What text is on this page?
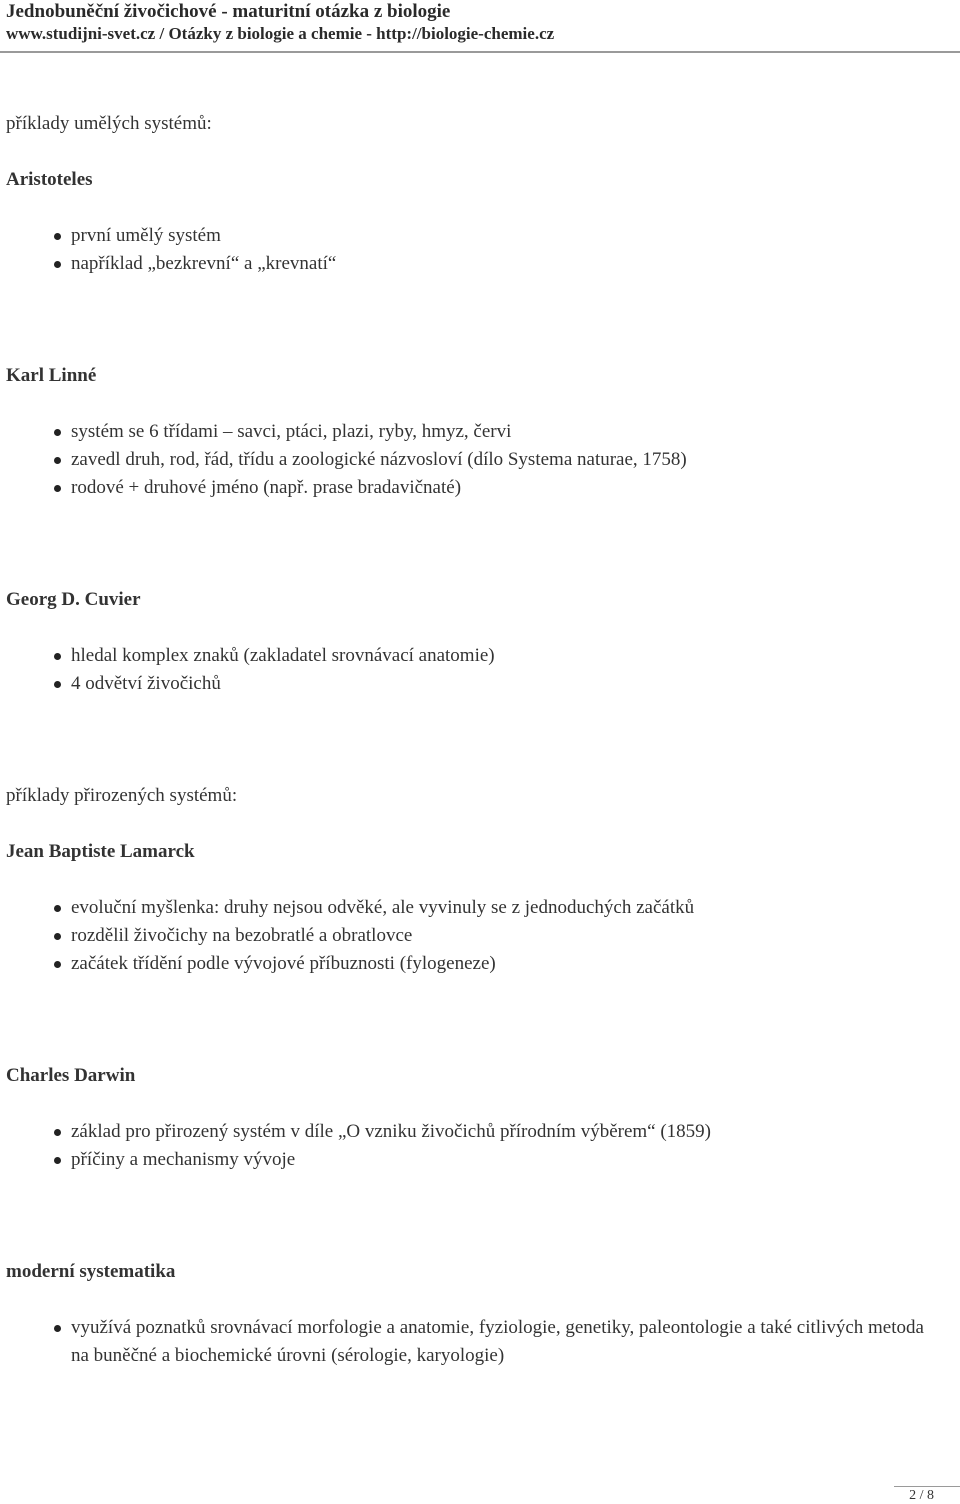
Jednobuněční živočichové - maturitní otázka z biologie
www.studijni-svet.cz / Otázky z biologie a chemie - http://biologie-chemie.cz
příklady umělých systémů:
Aristoteles
první umělý systém
například „bezkrevní“ a „krevnatí“
Karl Linné
systém se 6 třídami – savci, ptáci, plazi, ryby, hmyz, červi
zavedl druh, rod, řád, třídu a zoologické názvosloví (dílo Systema naturae, 1758)
rodové + druhové jméno (např. prase bradavičnaté)
Georg D. Cuvier
hledal komplex znaků (zakladatel srovnávací anatomie)
4 odvětví živočichů
příklady přirozených systémů:
Jean Baptiste Lamarck
evoluční myšlenka: druhy nejsou odvěké, ale vyvinuly se z jednoduchých začátků
rozdělil živočichy na bezobratlé a obratlovce
začátek třídění podle vývojové příbuznosti (fylogeneze)
Charles Darwin
základ pro přirozený systém v díle „O vzniku živočichů přírodním výběrem“ (1859)
příčiny a mechanismy vývoje
moderní systematika
využívá poznatků srovnávací morfologie a anatomie, fyziologie, genetiky, paleontologie a také citlivých metoda na buněčné a biochemické úrovni (sérologie, karyologie)
2 / 8
